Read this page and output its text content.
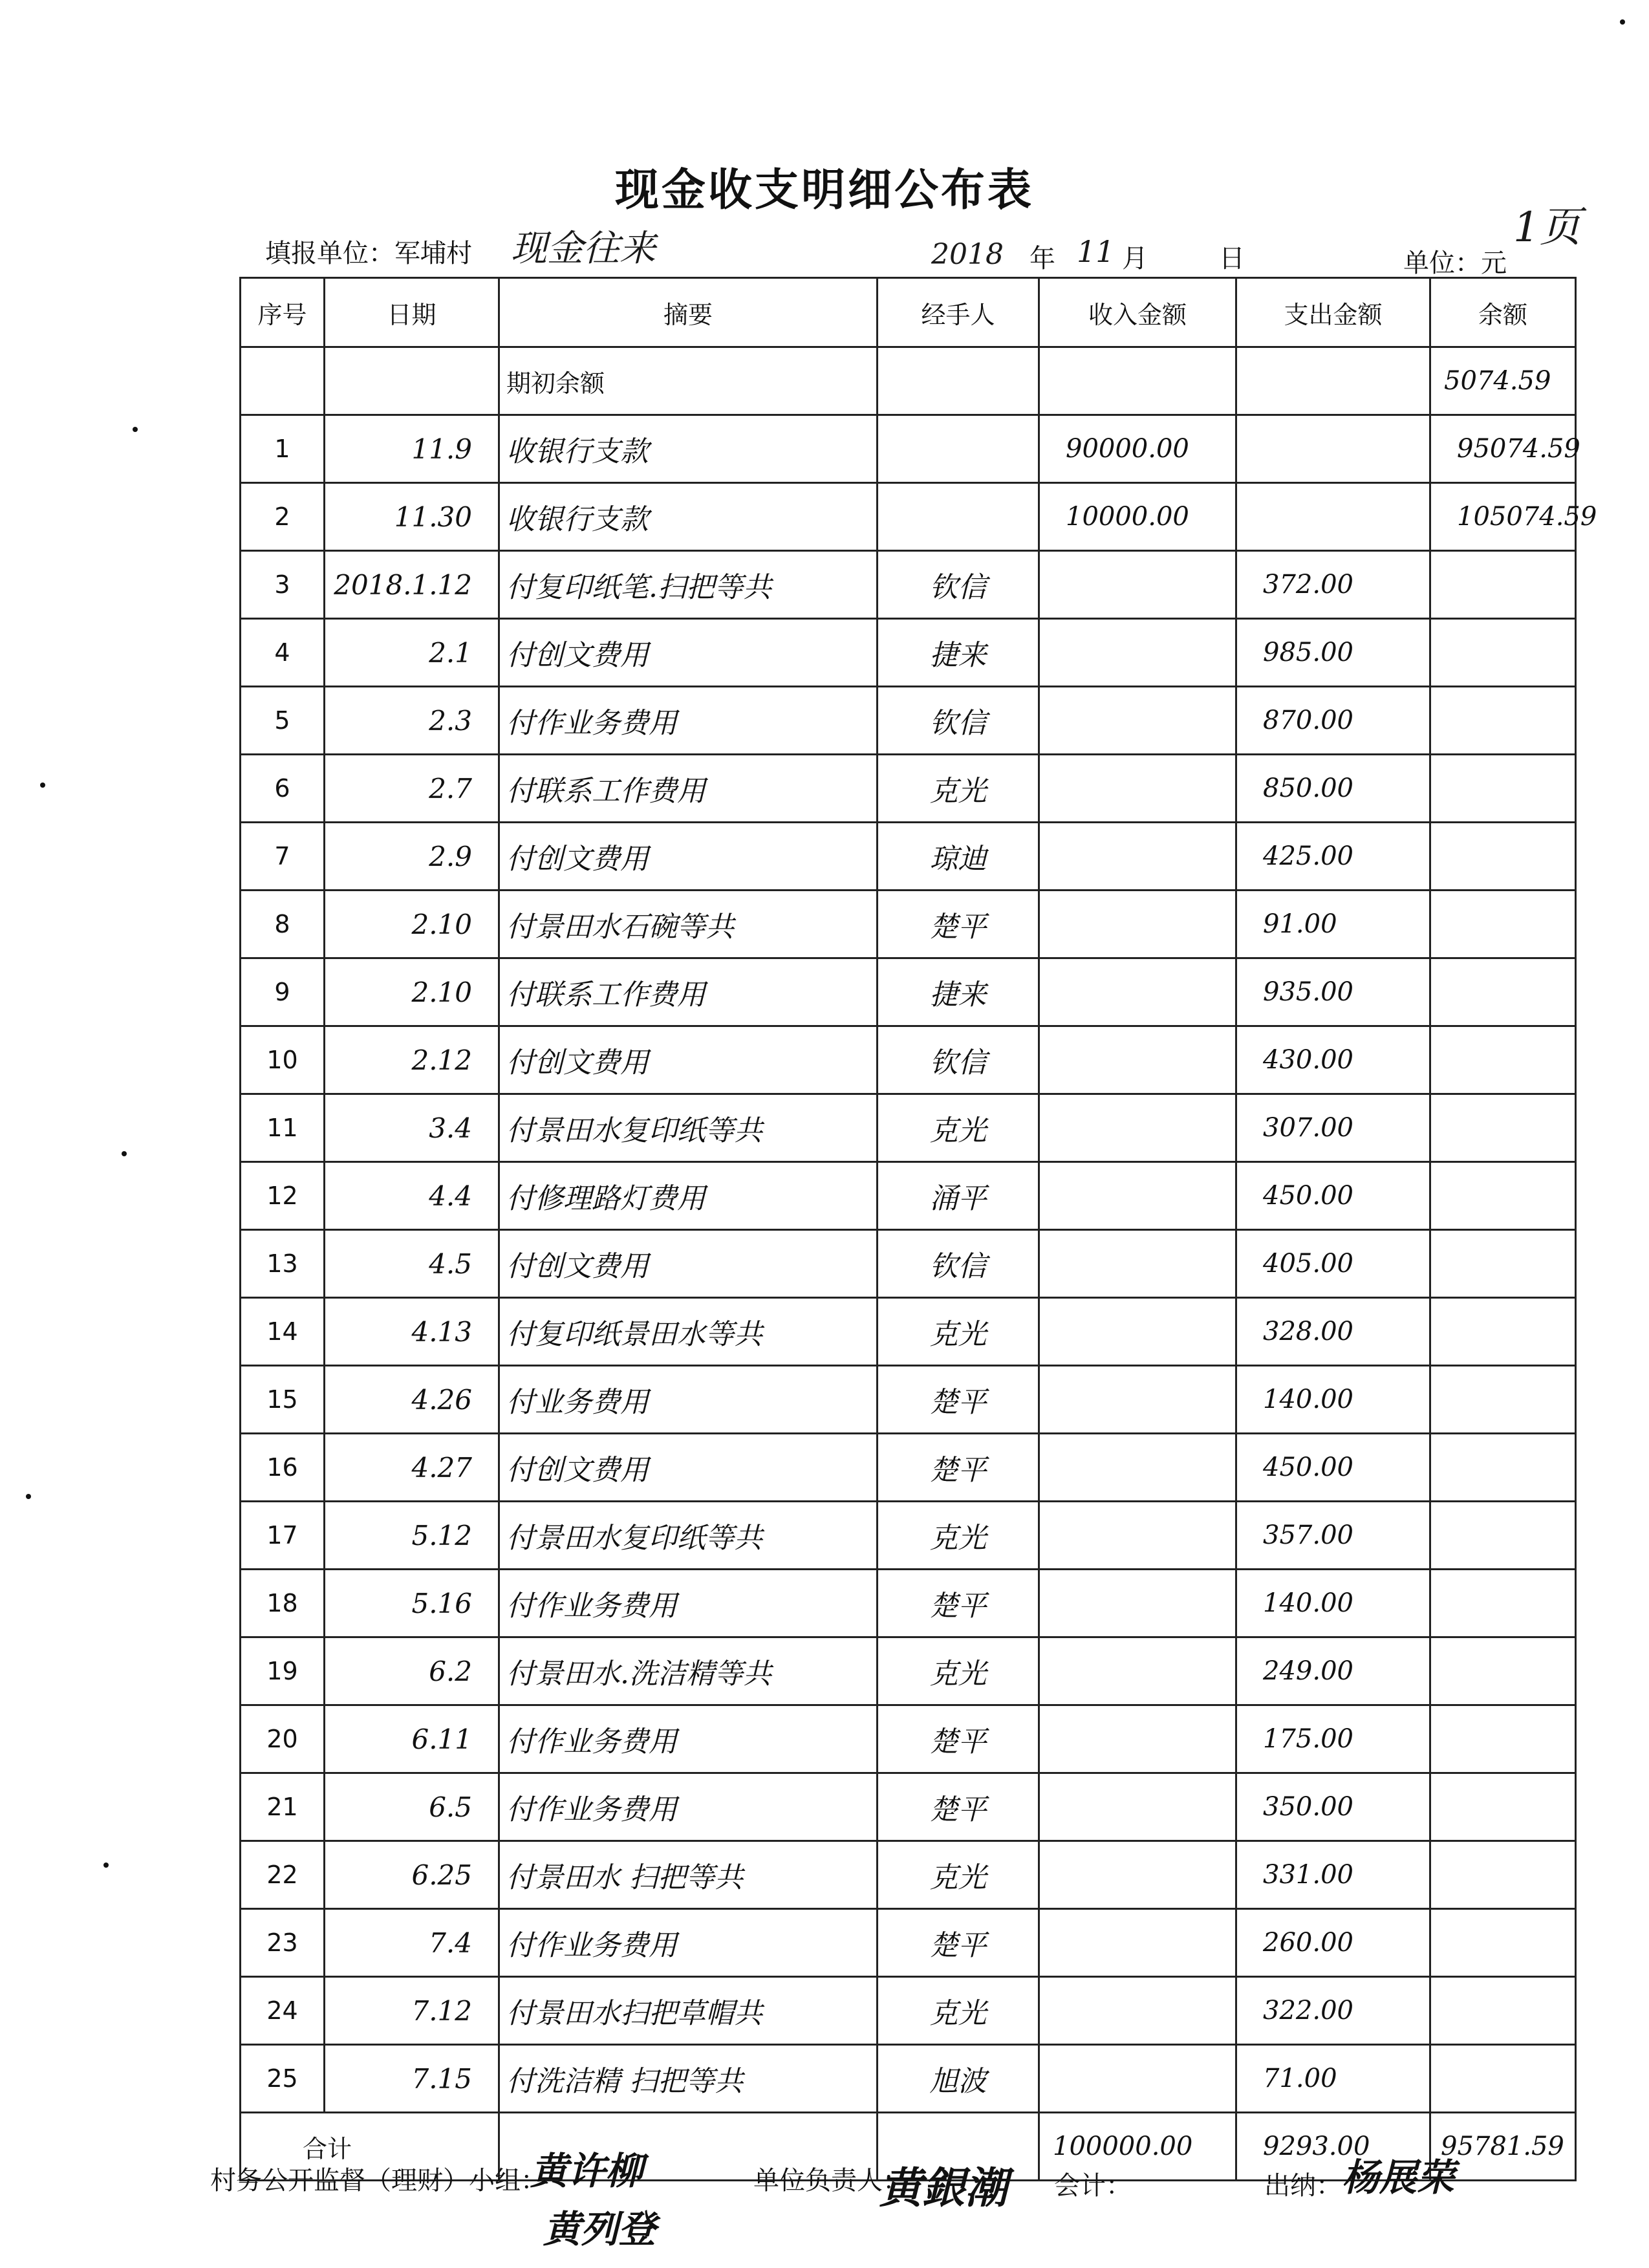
现金收支明细公布表
1页
填报单位：军埔村 现金往来	2018 年 11 月	日	单位：元
序号	日期	摘要	经手人	收入金额	支出金额	余额
		期初余额				5074.59
1	11.9	收银行支款		90000.00		95074.59
2	11.30	收银行支款		10000.00		105074.59
3	2018.1.12	付复印纸笔.扫把等共	钦信		372.00	
4	2.1	付创文费用	捷来		985.00	
5	2.3	付作业务费用	钦信		870.00	
6	2.7	付联系工作费用	克光		850.00	
7	2.9	付创文费用	琼迪		425.00	
8	2.10	付景田水石碗等共	楚平		91.00	
9	2.10	付联系工作费用	捷来		935.00	
10	2.12	付创文费用	钦信		430.00	
11	3.4	付景田水复印纸等共	克光		307.00	
12	4.4	付修理路灯费用	涌平		450.00	
13	4.5	付创文费用	钦信		405.00	
14	4.13	付复印纸景田水等共	克光		328.00	
15	4.26	付业务费用	楚平		140.00	
16	4.27	付创文费用	楚平		450.00	
17	5.12	付景田水复印纸等共	克光		357.00	
18	5.16	付作业务费用	楚平		140.00	
19	6.2	付景田水.洗洁精等共	克光		249.00	
20	6.11	付作业务费用	楚平		175.00	
21	6.5	付作业务费用	楚平		350.00	
22	6.25	付景田水 扫把等共	克光		331.00	
23	7.4	付作业务费用	楚平		260.00	
24	7.12	付景田水扫把草帽共	克光		322.00	
25	7.15	付洗洁精 扫把等共	旭波		71.00	
合计				100000.00	9293.00	95781.59
村务公开监督（理财）小组：
黄许柳
黄列登
单位负责人：
黄銀潮 会计：	出纳： 杨展荣
